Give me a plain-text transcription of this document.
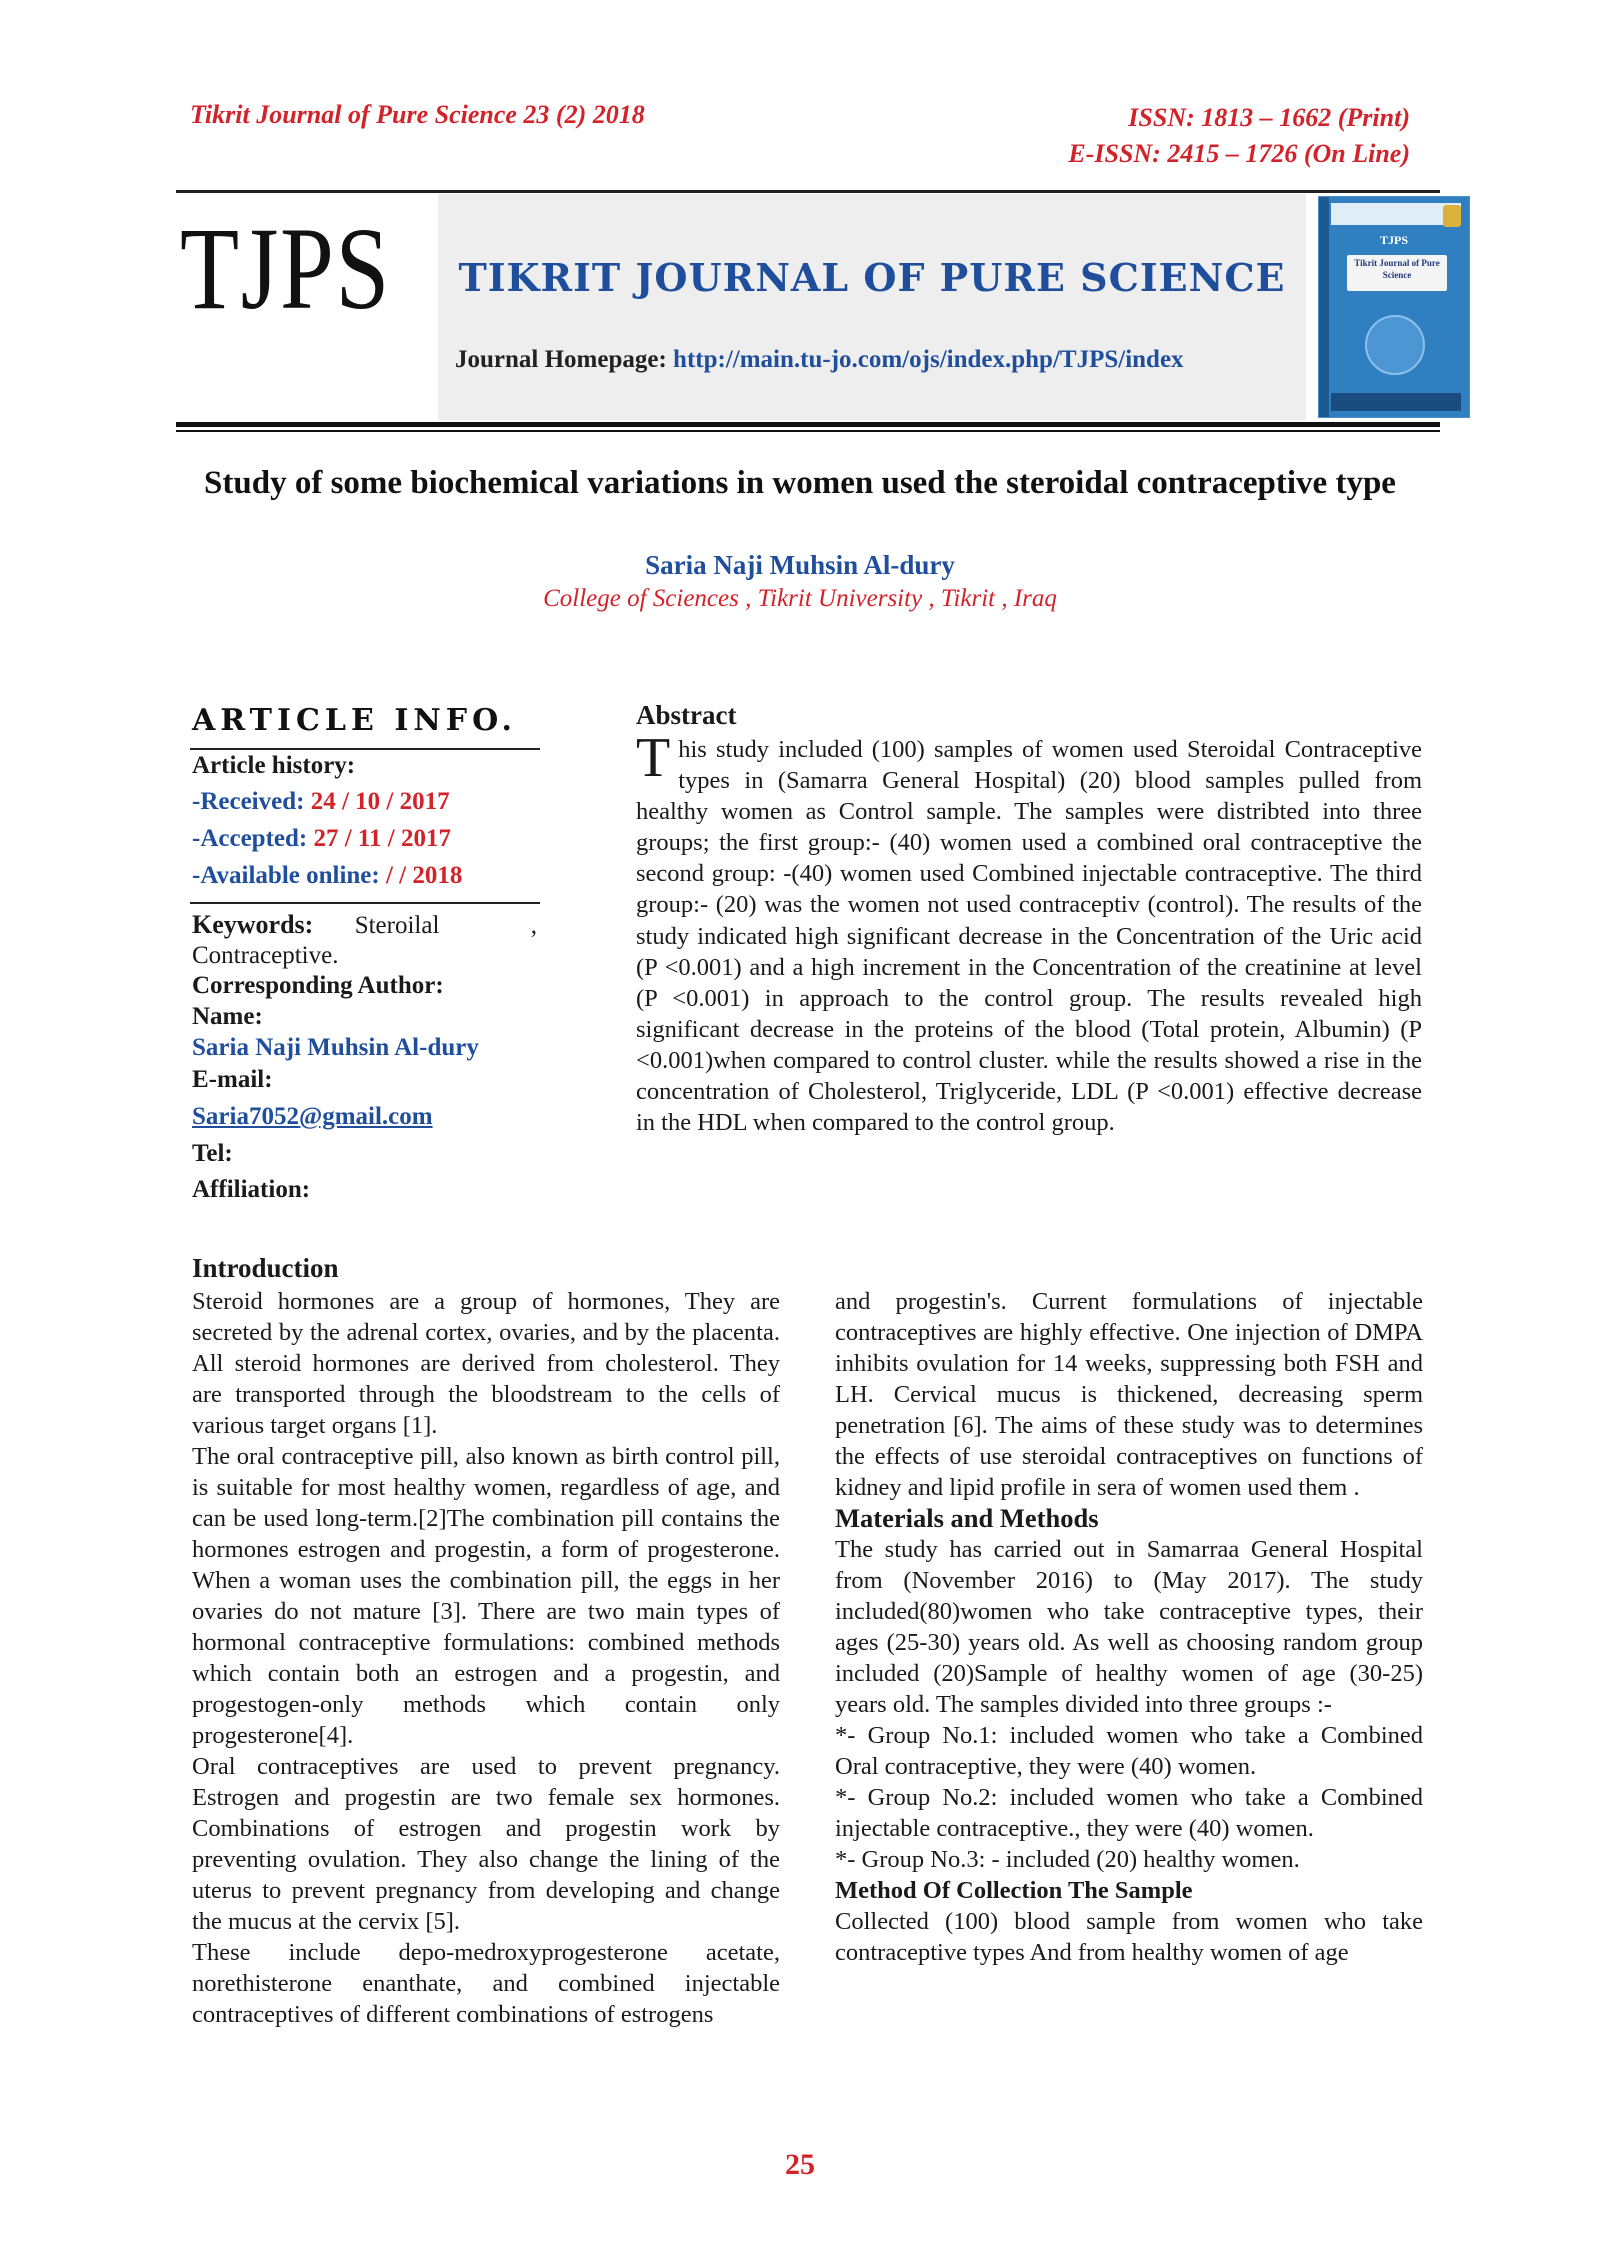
Tikrit Journal of Pure Science 23 (2) 2018	ISSN: 1813 – 1662 (Print)
E-ISSN: 2415 – 1726 (On Line)
TJPS	TIKRIT JOURNAL OF PURE SCIENCE
Journal Homepage: http://main.tu-jo.com/ojs/index.php/TJPS/index
TJPS
Tikrit Journal of Pure Science
Study of some biochemical variations in women used the steroidal contraceptive type
Saria Naji Muhsin Al-dury
College of Sciences , Tikrit University , Tikrit , Iraq
ARTICLE INFO.
Article history:
-Received: 24 / 10 / 2017
-Accepted: 27 / 11 / 2017
-Available online: / / 2018
Keywords: Steroilal , Contraceptive.
Corresponding Author:
Name:
Saria Naji Muhsin Al-dury
E-mail:
Saria7052@gmail.com
Tel:
Affiliation:
Abstract
T his study included (100) samples of women used Steroidal Contraceptive types in (Samarra General Hospital) (20) blood samples pulled from healthy women as Control sample. The samples were distribted into three groups; the first group:- (40) women used a combined oral contraceptive the second group: -(40) women used Combined injectable contraceptive. The third group:- (20) was the women not used contraceptiv (control). The results of the study indicated high significant decrease in the Concentration of the Uric acid (P <0.001) and a high increment in the Concentration of the creatinine at level (P <0.001) in approach to the control group. The results revealed high significant decrease in the proteins of the blood (Total protein, Albumin) (P <0.001)when compared to control cluster. while the results showed a rise in the concentration of Cholesterol, Triglyceride, LDL (P <0.001) effective decrease in the HDL when compared to the control group.
Introduction

Steroid hormones are a group of hormones, They are secreted by the adrenal cortex, ovaries, and by the placenta. All steroid hormones are derived from cholesterol. They are transported through the bloodstream to the cells of various target organs [1].

The oral contraceptive pill, also known as birth control pill, is suitable for most healthy women, regardless of age, and can be used long-term.[2]The combination pill contains the hormones estrogen and progestin, a form of progesterone. When a woman uses the combination pill, the eggs in her ovaries do not mature [3]. There are two main types of hormonal contraceptive formulations: combined methods which contain both an estrogen and a progestin, and progestogen-only methods which contain only progesterone[4].

Oral contraceptives are used to prevent pregnancy. Estrogen and progestin are two female sex hormones. Combinations of estrogen and progestin work by preventing ovulation. They also change the lining of the uterus to prevent pregnancy from developing and change the mucus at the cervix [5].

These include depo-medroxyprogesterone acetate, norethisterone enanthate, and combined injectable contraceptives of different combinations of estrogens

and progestin's. Current formulations of injectable contraceptives are highly effective. One injection of DMPA inhibits ovulation for 14 weeks, suppressing both FSH and LH. Cervical mucus is thickened, decreasing sperm penetration [6]. The aims of these study was to determines the effects of use steroidal contraceptives on functions of kidney and lipid profile in sera of women used them .

Materials and Methods

The study has carried out in Samarraa General Hospital from (November 2016) to (May 2017). The study included(80)women who take contraceptive types, their ages (25-30) years old. As well as choosing random group included (20)Sample of healthy women of age (30-25) years old. The samples divided into three groups :-

*- Group No.1: included women who take a Combined Oral contraceptive, they were (40) women.

*- Group No.2: included women who take a Combined injectable contraceptive., they were (40) women.

*- Group No.3: - included (20) healthy women.

Method Of Collection The Sample

Collected (100) blood sample from women who take contraceptive types And from healthy women of age

25
